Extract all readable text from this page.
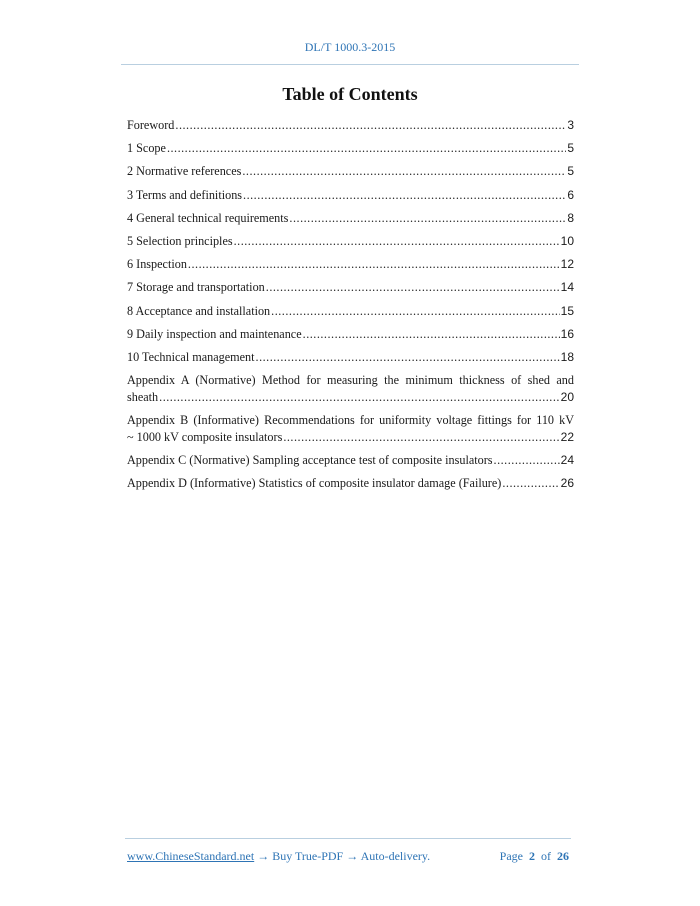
DL/T 1000.3-2015
Table of Contents
Foreword .....	3
1 Scope .....	5
2 Normative references .....	5
3 Terms and definitions .....	6
4 General technical requirements .....	8
5 Selection principles .....	10
6 Inspection .....	12
7 Storage and transportation .....	14
8 Acceptance and installation .....	15
9 Daily inspection and maintenance .....	16
10 Technical management .....	18
Appendix A (Normative) Method for measuring the minimum thickness of shed and
sheath .....	20
Appendix B (Informative) Recommendations for uniformity voltage fittings for 110 kV
~ 1000 kV composite insulators .....	22
Appendix C (Normative) Sampling acceptance test of composite insulators .....	24
Appendix D (Informative) Statistics of composite insulator damage (Failure) .....	26
www.ChineseStandard.net → Buy True-PDF → Auto-delivery.	Page 2 of 26
